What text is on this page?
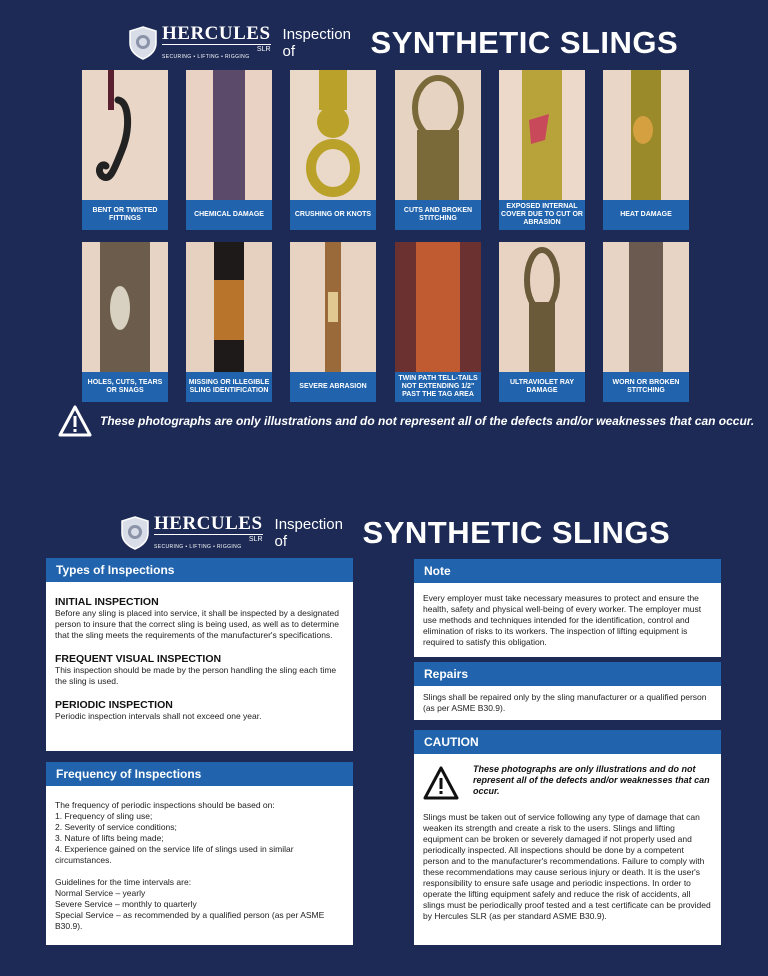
HERCULES
SLR
SECURING • LIFTING • RIGGING
Inspection
of	SYNTHETIC SLINGS
BENT OR TWISTED FITTINGS
CHEMICAL DAMAGE	CRUSHING OR KNOTS
CUTS AND BROKEN STITCHING
EXPOSED INTERNAL COVER DUE TO CUT OR ABRASION
HEAT DAMAGE
HOLES, CUTS, TEARS OR SNAGS
MISSING OR ILLEGIBLE SLING IDENTIFICATION
SEVERE ABRASION
TWIN PATH TELL-TAILS NOT EXTENDING 1/2" PAST THE TAG AREA
ULTRAVIOLET RAY DAMAGE
WORN OR BROKEN STITCHING
These photographs are only illustrations and do not represent all of the defects and/or weaknesses that can occur.
HERCULES
SLR
SECURING • LIFTING • RIGGING
Inspection
of	SYNTHETIC SLINGS
Types of Inspections
INITIAL INSPECTION

Before any sling is placed into service, it shall be inspected by a designated person to insure that the correct sling is being used, as well as to determine that the sling meets the requirements of the manufacturer's specifications.

FREQUENT VISUAL INSPECTION

This inspection should be made by the person handling the sling each time the sling is used.

PERIODIC INSPECTION

Periodic inspection intervals shall not exceed one year.

Frequency of Inspections

The frequency of periodic inspections should be based on:

1. Frequency of sling use;
2. Severity of service conditions;
3. Nature of lifts being made;
4. Experience gained on the service life of slings used in similar circumstances.

Guidelines for the time intervals are:

Normal Service – yearly

Severe Service – monthly to quarterly

Special Service – as recommended by a qualified person (as per ASME B30.9).

Note

Every employer must take necessary measures to protect and ensure the health, safety and physical well-being of every worker. The employer must use methods and techniques intended for the identification, control and elimination of risks to its workers. The inspection of lifting equipment is required to satisfy this obligation.

Repairs

Slings shall be repaired only by the sling manufacturer or a qualified person (as per ASME B30.9).

CAUTION
These photographs are only illustrations and do not represent all of the defects and/or weaknesses that can occur.

Slings must be taken out of service following any type of damage that can weaken its strength and create a risk to the users. Slings and lifting equipment can be broken or severely damaged if not properly used and periodically inspected. All inspections should be done by a competent person and to the manufacturer's recommendations. Failure to comply with these recommendations may cause serious injury or death. It is the user's responsibility to ensure safe usage and periodic inspections. In order to operate the lifting equipment safely and reduce the risk of accidents, all slings must be periodically proof tested and a test certificate can be provided by Hercules SLR (as per standard ASME B30.9).
